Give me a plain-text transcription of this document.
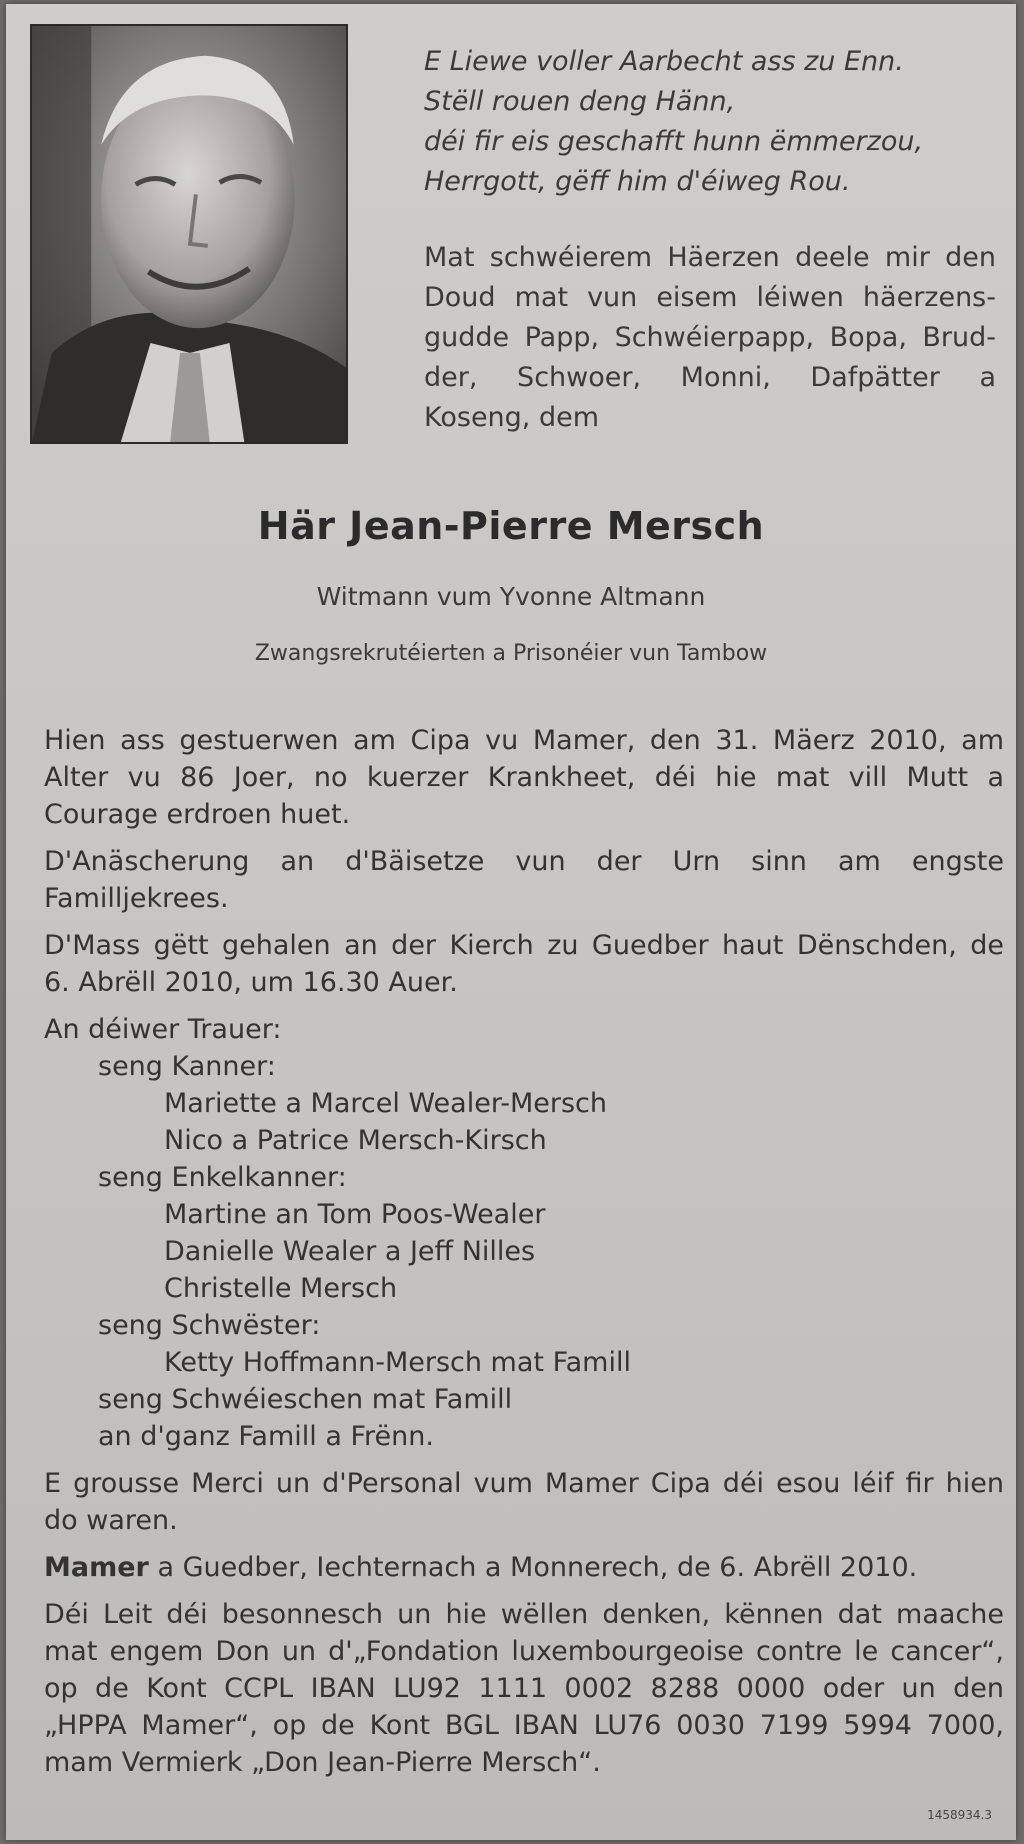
E Liewe voller Aarbecht ass zu Enn.
Stëll rouen deng Hänn,
déi fir eis geschafft hunn ëmmerzou,
Herrgott, gëff him d'éiweg Rou.
Mat schwéierem Häerzen deele mir den
Doud mat vun eisem léiwen häerzens-
gudde Papp, Schwéierpapp, Bopa, Brud-
der, Schwoer, Monni, Dafpätter a
Koseng, dem
Här Jean-Pierre Mersch
Witmann vum Yvonne Altmann
Zwangsrekrutéierten a Prisonéier vun Tambow
Hien ass gestuerwen am Cipa vu Mamer, den 31. Mäerz 2010, am
Alter vu 86 Joer, no kuerzer Krankheet, déi hie mat vill Mutt a
Courage erdroen huet.
D'Anäscherung an d'Bäisetze vun der Urn sinn am engste
Familljekrees.
D'Mass gëtt gehalen an der Kierch zu Guedber haut Dënschden, de
6. Abrëll 2010, um 16.30 Auer.
An déiwer Trauer:
seng Kanner:
Mariette a Marcel Wealer-Mersch
Nico a Patrice Mersch-Kirsch
seng Enkelkanner:
Martine an Tom Poos-Wealer
Danielle Wealer a Jeff Nilles
Christelle Mersch
seng Schwëster:
Ketty Hoffmann-Mersch mat Famill
seng Schwéieschen mat Famill
an d'ganz Famill a Frënn.
E grousse Merci un d'Personal vum Mamer Cipa déi esou léif fir hien
do waren.
Mamer a Guedber, Iechternach a Monnerech, de 6. Abrëll 2010.
Déi Leit déi besonnesch un hie wëllen denken, kënnen dat maache
mat engem Don un d'„Fondation luxembourgeoise contre le cancer“,
op de Kont CCPL IBAN LU92 1111 0002 8288 0000 oder un den
„HPPA Mamer“, op de Kont BGL IBAN LU76 0030 7199 5994 7000,
mam Vermierk „Don Jean-Pierre Mersch“.
1458934.3
